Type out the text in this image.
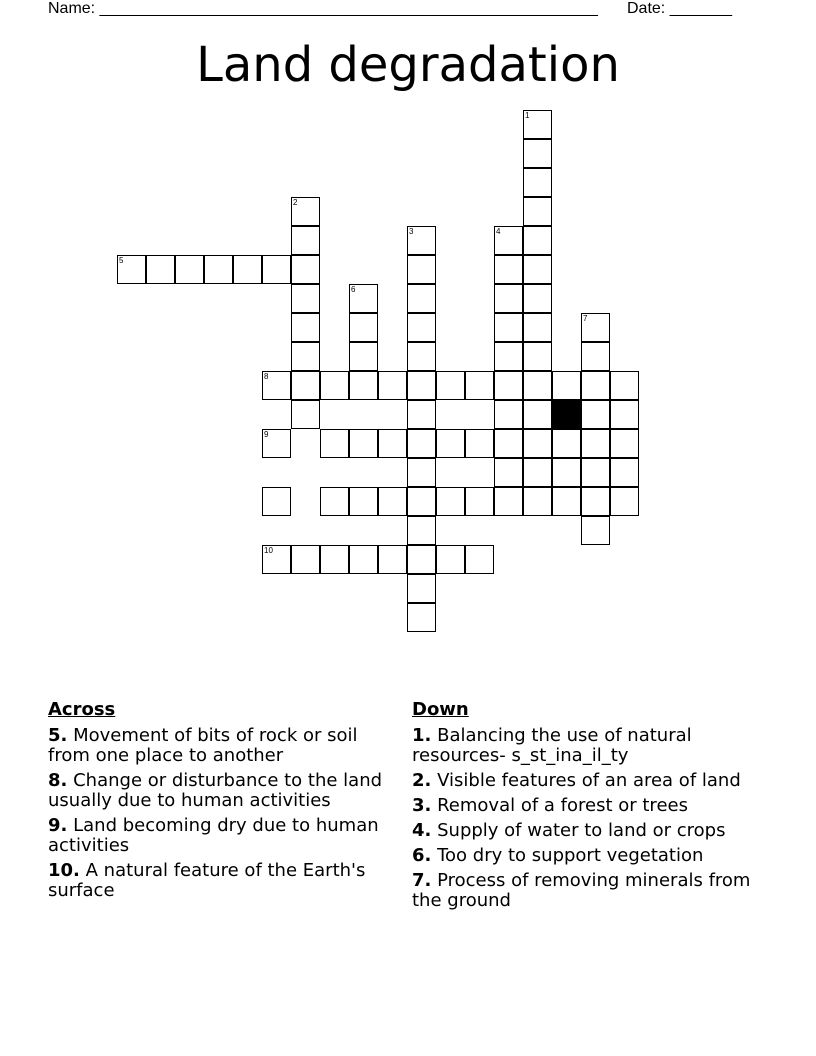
Name: ________________________________________________________ Date: _______
Land degradation
1
2
3	4
5
6
7
8
9
10
Across
5. Movement of bits of rock or soil from one place to another
8. Change or disturbance to the land usually due to human activities
9. Land becoming dry due to human activities
10. A natural feature of the Earth's surface
Down
1. Balancing the use of natural resources- s_st_ina_il_ty
2. Visible features of an area of land
3. Removal of a forest or trees
4. Supply of water to land or crops
6. Too dry to support vegetation
7. Process of removing minerals from the ground
